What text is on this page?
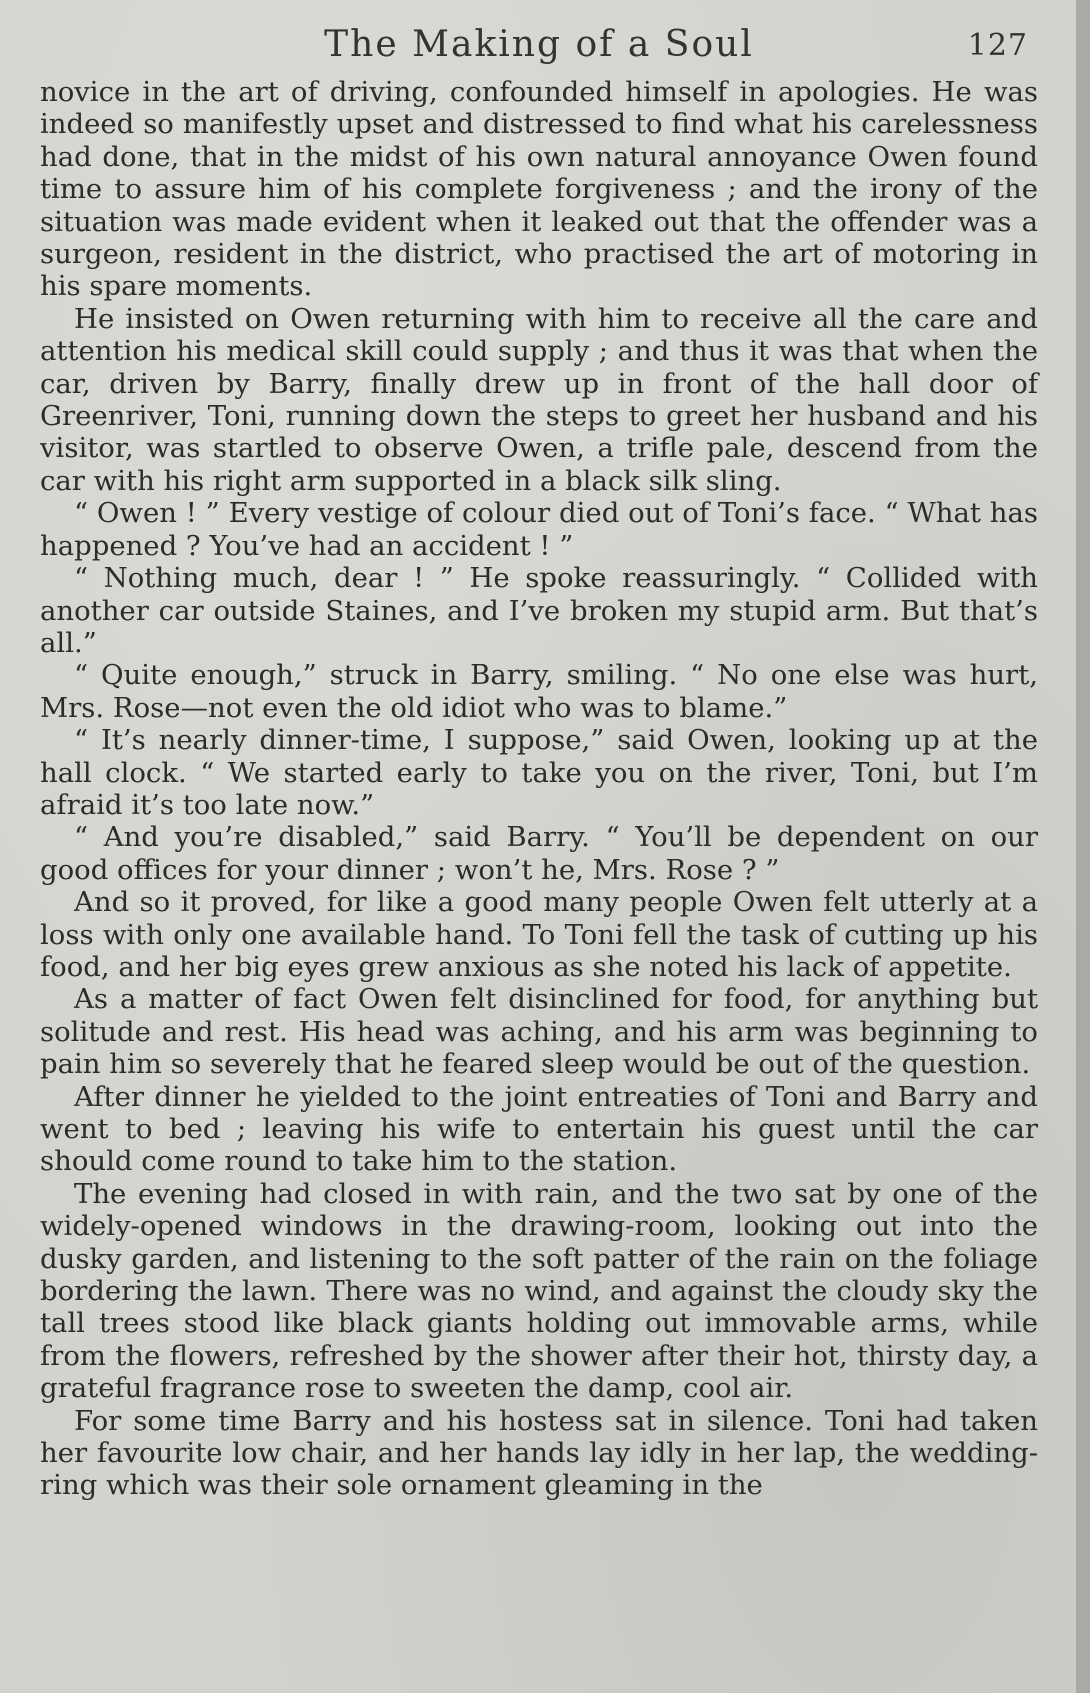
The Making of a Soul	127

novice in the art of driving, confounded himself in apologies. He was indeed so manifestly upset and distressed to find what his carelessness had done, that in the midst of his own natural annoyance Owen found time to assure him of his complete forgiveness ; and the irony of the situation was made evident when it leaked out that the offender was a surgeon, resident in the district, who practised the art of motoring in his spare moments.

He insisted on Owen returning with him to receive all the care and attention his medical skill could supply ; and thus it was that when the car, driven by Barry, finally drew up in front of the hall door of Greenriver, Toni, running down the steps to greet her husband and his visitor, was startled to observe Owen, a trifle pale, descend from the car with his right arm supported in a black silk sling.

“ Owen ! ” Every vestige of colour died out of Toni’s face. “ What has happened ? You’ve had an accident ! ”

“ Nothing much, dear ! ” He spoke reassuringly. “ Collided with another car outside Staines, and I’ve broken my stupid arm. But that’s all.”

“ Quite enough,” struck in Barry, smiling. “ No one else was hurt, Mrs. Rose—not even the old idiot who was to blame.”

“ It’s nearly dinner-time, I suppose,” said Owen, looking up at the hall clock. “ We started early to take you on the river, Toni, but I’m afraid it’s too late now.”

“ And you’re disabled,” said Barry. “ You’ll be dependent on our good offices for your dinner ; won’t he, Mrs. Rose ? ”

And so it proved, for like a good many people Owen felt utterly at a loss with only one available hand. To Toni fell the task of cutting up his food, and her big eyes grew anxious as she noted his lack of appetite.

As a matter of fact Owen felt disinclined for food, for anything but solitude and rest. His head was aching, and his arm was beginning to pain him so severely that he feared sleep would be out of the question.

After dinner he yielded to the joint entreaties of Toni and Barry and went to bed ; leaving his wife to entertain his guest until the car should come round to take him to the station.

The evening had closed in with rain, and the two sat by one of the widely-opened windows in the drawing-room, looking out into the dusky garden, and listening to the soft patter of the rain on the foliage bordering the lawn. There was no wind, and against the cloudy sky the tall trees stood like black giants holding out immovable arms, while from the flowers, refreshed by the shower after their hot, thirsty day, a grateful fragrance rose to sweeten the damp, cool air.

For some time Barry and his hostess sat in silence. Toni had taken her favourite low chair, and her hands lay idly in her lap, the wedding-ring which was their sole ornament gleaming in the
